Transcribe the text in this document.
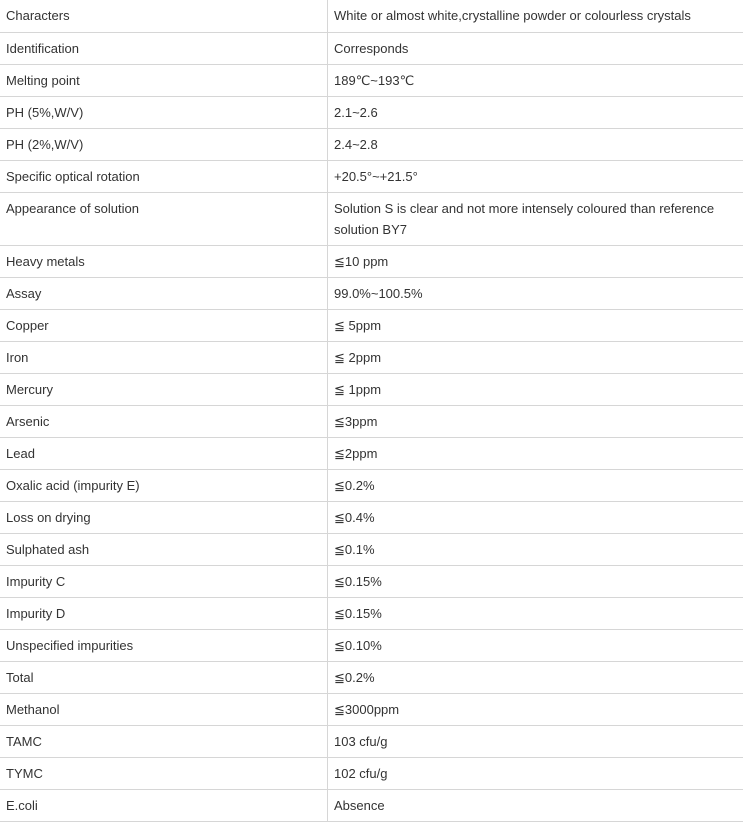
Characters	White or almost white,crystalline powder or colourless crystals
Identification	Corresponds
Melting point	189℃~193℃
PH (5%,W/V)	2.1~2.6
PH (2%,W/V)	2.4~2.8
Specific optical rotation	+20.5°~+21.5°
Appearance of solution	Solution S is clear and not more intensely coloured than reference solution BY7
Heavy metals	≦10 ppm
Assay	99.0%~100.5%
Copper	≦ 5ppm
Iron	≦ 2ppm
Mercury	≦ 1ppm
Arsenic	≦3ppm
Lead	≦2ppm
Oxalic acid (impurity E)	≦0.2%
Loss on drying	≦0.4%
Sulphated ash	≦0.1%
Impurity C	≦0.15%
Impurity D	≦0.15%
Unspecified impurities	≦0.10%
Total	≦0.2%
Methanol	≦3000ppm
TAMC	103 cfu/g
TYMC	102 cfu/g
E.coli	Absence
